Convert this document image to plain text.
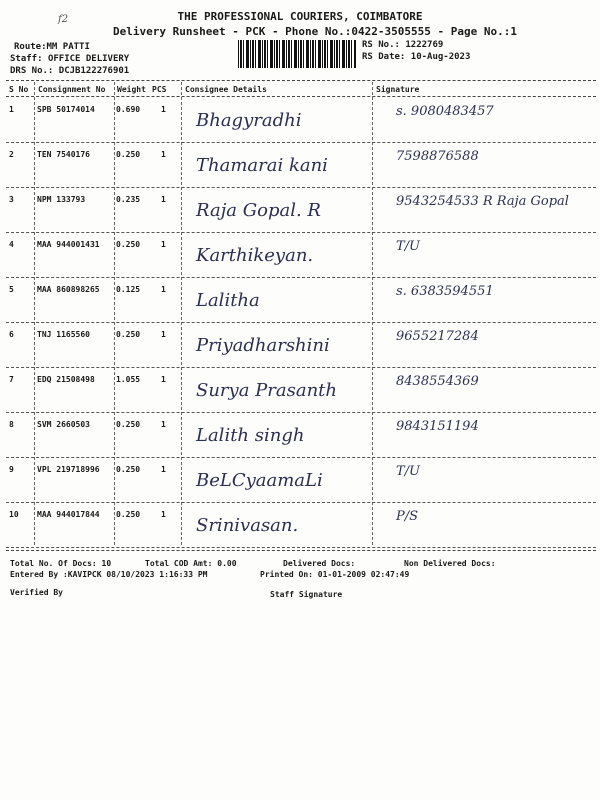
THE PROFESSIONAL COURIERS, COIMBATORE
Delivery Runsheet - PCK - Phone No.:0422-3505555 - Page No.:1
f2
Route:MM PATTI
Staff: OFFICE DELIVERY
DRS No.: DCJB122276901
RS No.: 1222769
RS Date: 10-Aug-2023
S No Consignment No Weight PCS Consignee Details	Signature
1	SPB 50174014	0.690	1
Bhagyradhi	s. 9080483457
2	TEN 7540176	0.250	1
Thamarai kani	7598876588
3	NPM 133793	0.235	1
Raja Gopal. R	9543254533 R Raja Gopal
4	MAA 944001431 0.250	1
Karthikeyan.	T/U
5	MAA 860898265 0.125	1
Lalitha	s. 6383594551
6	TNJ 1165560	0.250	1
Priyadharshini	9655217284
7	EDQ 21508498	1.055	1
Surya Prasanth	8438554369
8	SVM 2660503	0.250	1
Lalith singh	9843151194
9	VPL 219718996 0.250	1
BeLCyaamaLi	T/U
10 MAA 944017844 0.250	1
Srinivasan.	P/S
Total No. Of Docs: 10	Total COD Amt: 0.00	Delivered Docs:	Non Delivered Docs:
Entered By :KAVIPCK 08/10/2023 1:16:33 PM	Printed On: 01-01-2009 02:47:49
Verified By	Staff Signature
